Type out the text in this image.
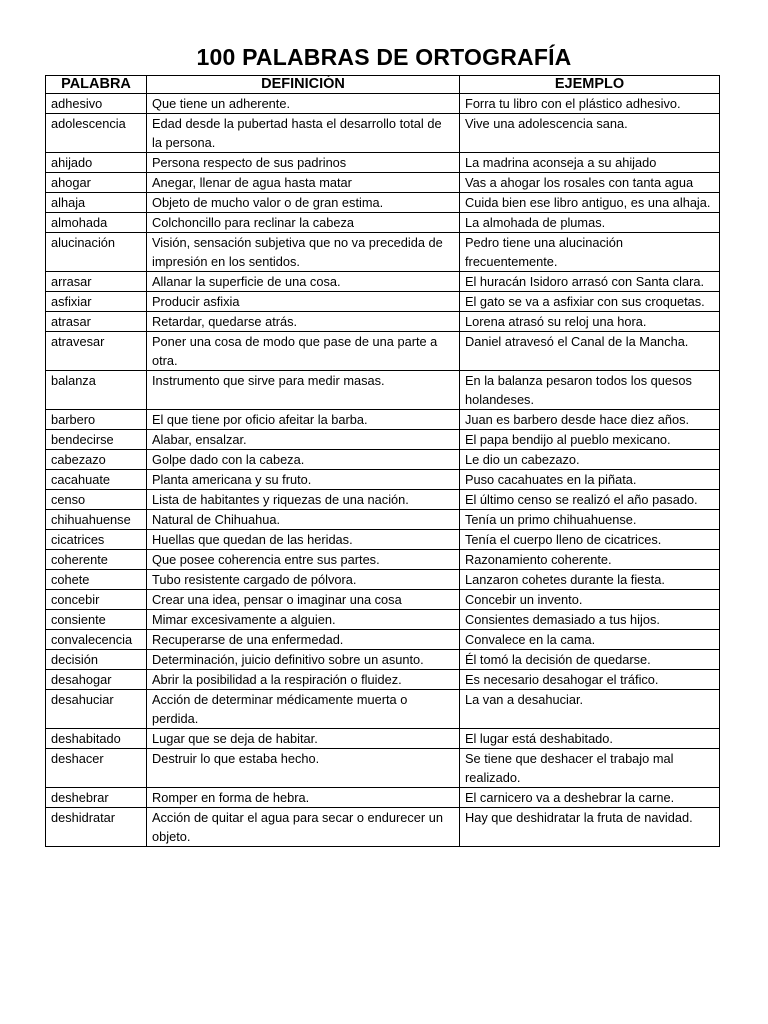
100 PALABRAS DE ORTOGRAFÍA
PALABRA	DEFINICIÓN	EJEMPLO
adhesivo	Que tiene un adherente.	Forra tu libro con el plástico adhesivo.
adolescencia	Edad desde la pubertad hasta el desarrollo total de la persona.	Vive una adolescencia sana.
ahijado	Persona respecto de sus padrinos	La madrina aconseja a su ahijado
ahogar	Anegar, llenar de agua hasta matar	Vas a ahogar los rosales con tanta agua
alhaja	Objeto de mucho valor o de gran estima.	Cuida bien ese libro antiguo, es una alhaja.
almohada	Colchoncillo para reclinar la cabeza	La almohada de plumas.
alucinación	Visión, sensación subjetiva que no va precedida de impresión en los sentidos.	Pedro tiene una alucinación frecuentemente.
arrasar	Allanar la superficie de una cosa.	El huracán Isidoro arrasó con Santa clara.
asfixiar	Producir asfixia	El gato se va a asfixiar con sus croquetas.
atrasar	Retardar, quedarse atrás.	Lorena atrasó su reloj una hora.
atravesar	Poner una cosa de modo que pase de una parte a otra.	Daniel atravesó el Canal de la Mancha.
balanza	Instrumento que sirve para medir masas.	En la balanza pesaron todos los quesos holandeses.
barbero	El que tiene por oficio afeitar la barba.	Juan es barbero desde hace diez años.
bendecirse	Alabar, ensalzar.	El papa bendijo al pueblo mexicano.
cabezazo	Golpe dado con la cabeza.	Le dio un cabezazo.
cacahuate	Planta americana y su fruto.	Puso cacahuates en la piñata.
censo	Lista de habitantes y riquezas de una nación.	El último censo se realizó el año pasado.
chihuahuense	Natural de Chihuahua.	Tenía un primo chihuahuense.
cicatrices	Huellas que quedan de las heridas.	Tenía el cuerpo lleno de cicatrices.
coherente	Que posee coherencia entre sus partes.	Razonamiento coherente.
cohete	Tubo resistente cargado de pólvora.	Lanzaron cohetes durante la fiesta.
concebir	Crear una idea, pensar o imaginar una cosa	Concebir un invento.
consiente	Mimar excesivamente a alguien.	Consientes demasiado a tus hijos.
convalecencia	Recuperarse de una enfermedad.	Convalece en la cama.
decisión	Determinación, juicio definitivo sobre un asunto.	Él tomó la decisión de quedarse.
desahogar	Abrir la posibilidad a la respiración o fluidez.	Es necesario desahogar el tráfico.
desahuciar	Acción de determinar médicamente muerta o perdida.	La van a desahuciar.
deshabitado	Lugar que se deja de habitar.	El lugar está deshabitado.
deshacer	Destruir lo que estaba hecho.	Se tiene que deshacer el trabajo mal realizado.
deshebrar	Romper en forma de hebra.	El carnicero va a deshebrar la carne.
deshidratar	Acción de quitar el agua para secar o endurecer un objeto.	Hay que deshidratar la fruta de navidad.
